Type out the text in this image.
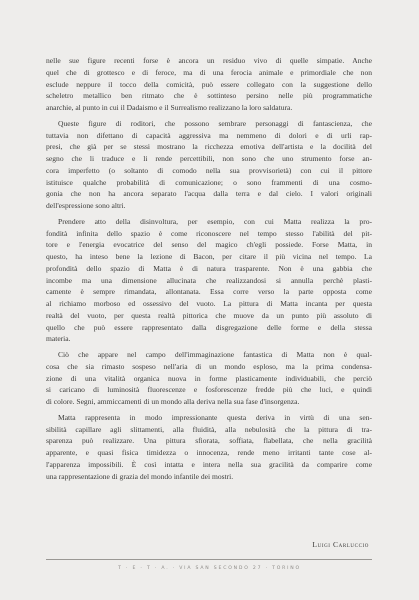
nelle sue figure recenti forse è ancora un residuo vivo di quelle simpatie. Anche
quel che di grottesco e di feroce, ma di una ferocia animale e primordiale che non
esclude neppure il tocco della comicità, può essere collegato con la suggestione dello
scheletro metallico ben ritmato che è sottinteso persino nelle più programmatiche
anarchie, al punto in cui il Dadaismo e il Surrealismo realizzano la loro saldatura.

Queste figure di roditori, che possono sembrare personaggi di fantascienza, che
tuttavia non difettano di capacità aggressiva ma nemmeno di dolori e di urli rap-
presi, che già per se stessi mostrano la ricchezza emotiva dell'artista e la docilità del
segno che li traduce e li rende percettibili, non sono che uno strumento forse an-
cora imperfetto (o soltanto di comodo nella sua provvisorietà) con cui il pittore
istituisce qualche probabilità di comunicazione; o sono frammenti di una cosmo-
gonia che non ha ancora separato l'acqua dalla terra e dal cielo. I valori originali
dell'espressione sono altri.

Prendere atto della disinvoltura, per esempio, con cui Matta realizza la pro-
fondità infinita dello spazio è come riconoscere nel tempo stesso l'abilità del pit-
tore e l'energia evocatrice del senso del magico ch'egli possiede. Forse Matta, in
questo, ha inteso bene la lezione di Bacon, per citare il più vicina nel tempo. La
profondità dello spazio di Matta è di natura trasparente. Non è una gabbia che
incombe ma una dimensione allucinata che realizzandosi si annulla perchè plasti-
camente è sempre rimandata, allontanata. Essa corre verso la parte opposta come
al richiamo morboso ed ossessivo del vuoto. La pittura di Matta incanta per questa
realtà del vuoto, per questa realtà pittorica che muove da un punto più assoluto di
quello che può essere rappresentato dalla disgregazione delle forme e della stessa
materia.

Ciò che appare nel campo dell'immaginazione fantastica di Matta non è qual-
cosa che sia rimasto sospeso nell'aria di un mondo esploso, ma la prima condensa-
zione di una vitalità organica nuova in forme plasticamente individuabili, che perciò
si caricano di luminosità fluorescenze e fosforescenze fredde più che luci, e quindi
di colore. Segni, ammiccamenti di un mondo alla deriva nella sua fase d'insorgenza.

Matta rappresenta in modo impressionante questa deriva in virtù di una sen-
sibilità capillare agli slittamenti, alla fluidità, alla nebulosità che la pittura di tra-
sparenza può realizzare. Una pittura sfiorata, soffiata, flabellata, che nella gracilità
apparente, e quasi fisica timidezza o innocenza, rende meno irritanti tante cose al-
l'apparenza impossibili. È così intatta e intera nella sua gracilità da comparire come
una rappresentazione di grazia del mondo infantile dei mostri.

Luigi Carluccio
T · E · T · A. · VIA SAN SECONDO 27 · TORINO
